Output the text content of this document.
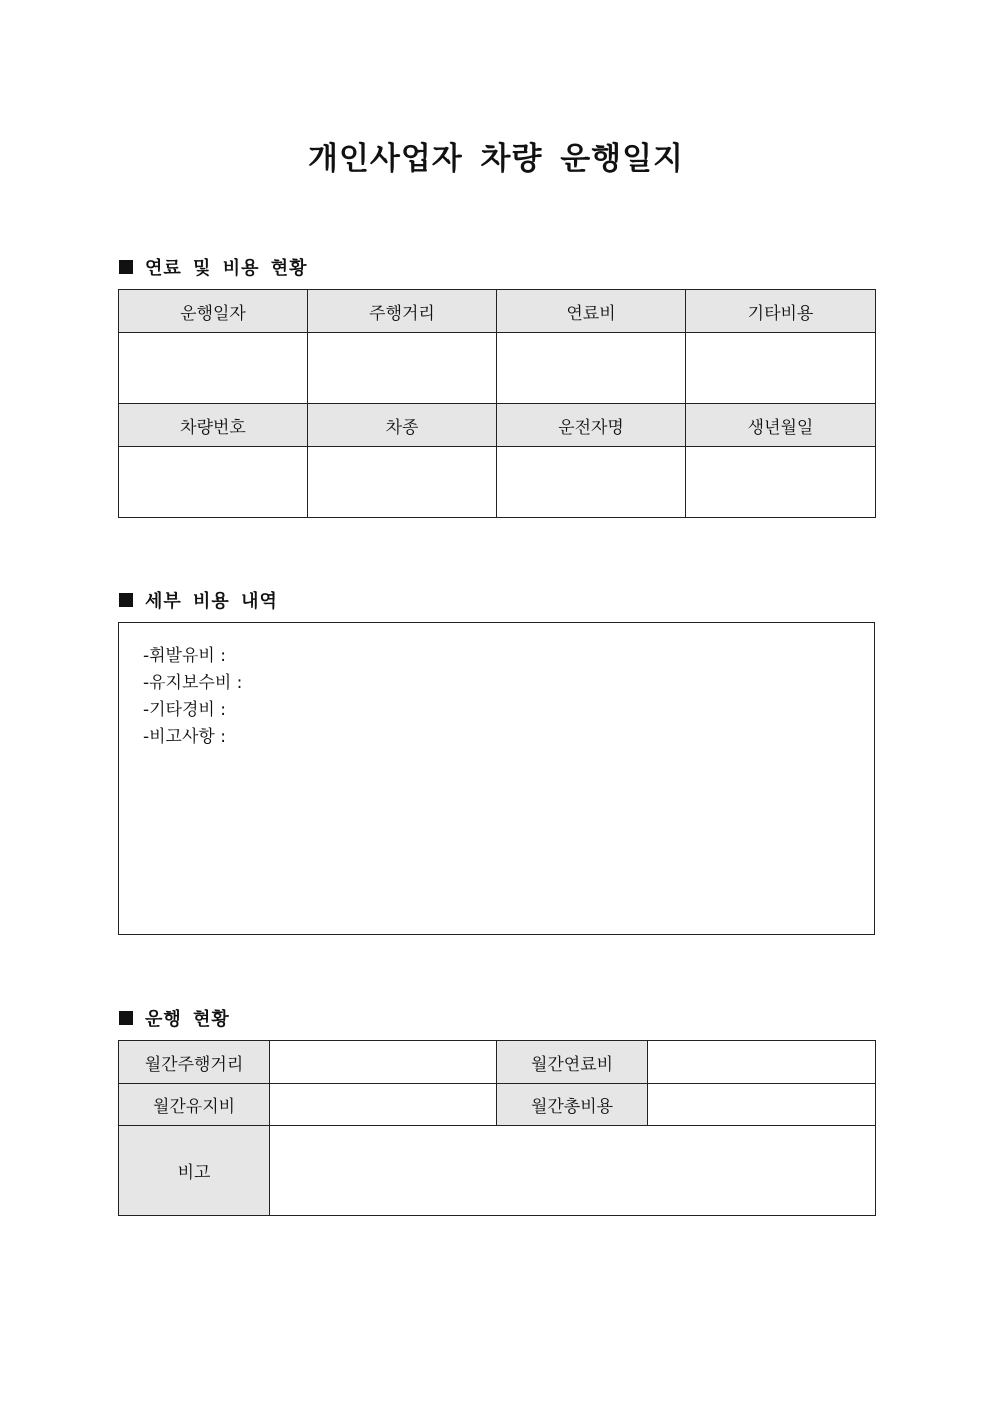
개인사업자 차량 운행일지
연료 및 비용 현황
운행일자	주행거리	연료비	기타비용

차량번호	차종	운전자명	생년월일

세부 비용 내역
-휘발유비 :
-유지보수비 :
-기타경비 :
-비고사항 :
운행 현황
월간주행거리		월간연료비	
월간유지비		월간총비용	
비고			
